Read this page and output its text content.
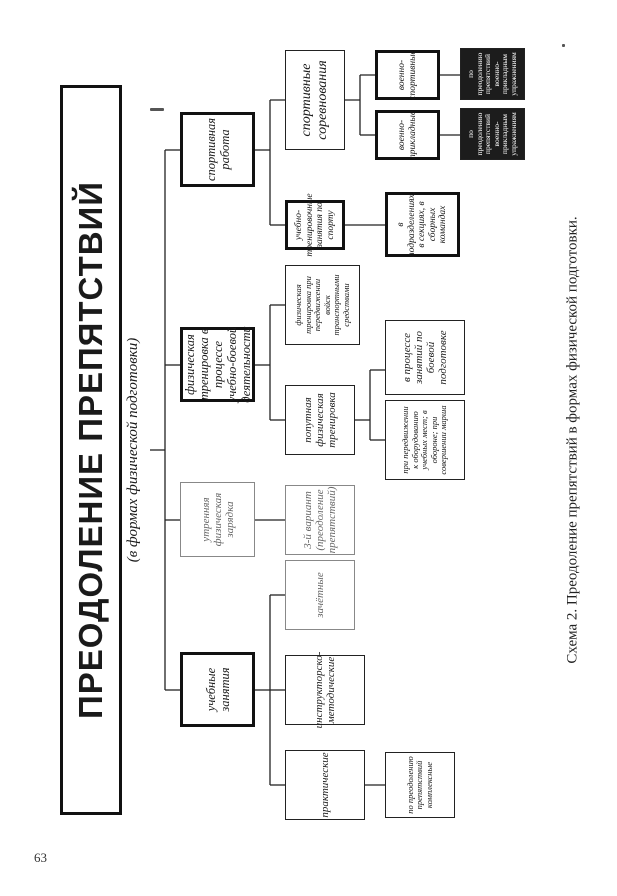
63
Схема 2. Преодоление препятствий в формах физической подготовки.
ПРЕОДОЛЕНИЕ ПРЕПЯТСТВИЙ (в формах физической подготовки)
учебные занятия
утренняя физическая зарядка
физическая тренировка в процессе учебно-боевой деятельности
спортивная работа
практические
инструкторско-методические
зачётные
3-й вариант (преодоление препятствий)
попутная физическая тренировка
физическая тренировка при передвижении войск транспортными средствами
учебно-тренировочные занятия по спорту
спортивные соревнования
по преодолению препятствий комплексные
при передвижении к оборудованию учебных мест; в обороне; при совершении марша
в процессе занятий по боевой подготовке
в подразделениях, в секциях, в сборных командах
военно-прикладные
военно-спортивные
по преодолению препятствий военно-прикладным упражнениям
по преодолению препятствий военно-прикладным упражнениям
